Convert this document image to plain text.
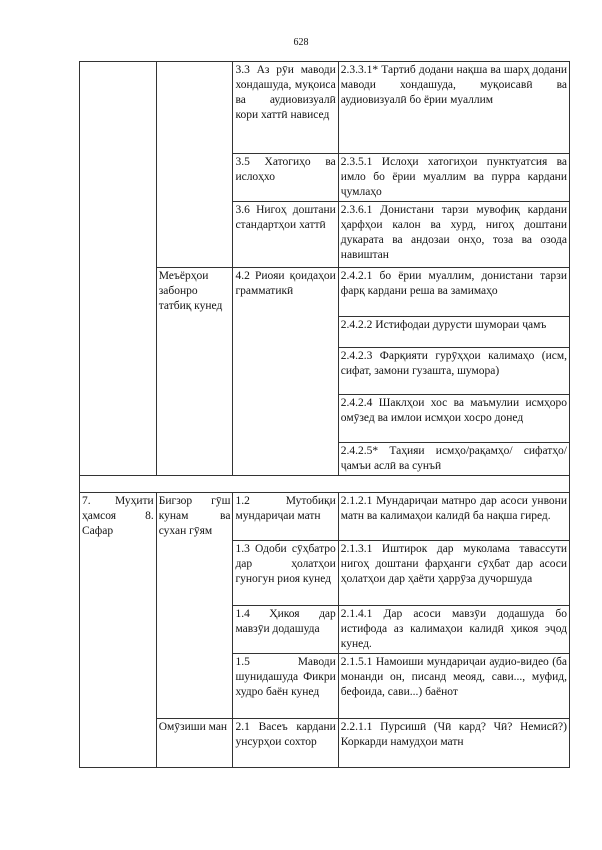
628
		3.3 Аз рӯи маводи хондашуда, муқоиса ва аудиовизуалӣ кори хаттӣ нависед	2.3.3.1* Тартиб додани нақша ва шарҳ додани маводи хондашуда, муқоисавӣ ва аудиовизуалӣ бо ёрии муаллим
		3.5 Хатогиҳо ва ислоҳхо	2.3.5.1 Ислоҳи хатогиҳои пунктуатсия ва имло бо ёрии муаллим ва пурра кардани ҷумлаҳо
		3.6 Нигоҳ доштани стандартҳои хаттӣ	2.3.6.1 Донистани тарзи мувофиқ кардани ҳарфҳои калон ва хурд, нигоҳ доштани дукарата ва андозаи онҳо, тоза ва озода навиштан
	Меъёрҳои забонро татбиқ кунед	4.2 Риояи қоидаҳои грамматикӣ	2.4.2.1 бо ёрии муаллим, донистани тарзи фарқ кардани реша ва замимаҳо
			2.4.2.2 Истифодаи дурусти шумораи ҷамъ
			2.4.2.3 Фарқияти гурӯҳҳои калимаҳо (исм, сифат, замони гузашта, шумора)
			2.4.2.4 Шаклҳои хос ва маъмулии исмҳоро омӯзед ва имлои исмҳои хосро донед
			2.4.2.5* Таҳияи исмҳо/рақамҳо/ сифатҳо/ҷамъи аслӣ ва сунъӣ

7. Муҳити ҳамсоя 8. Сафар	Бигзор гӯш кунам ва сухан гӯям	1.2 Мутобиқи мундариҷаи матн	2.1.2.1 Мундариҷаи матнро дар асоси унвони матн ва калимаҳои калидӣ ба нақша гиред.
		1.3 Одоби сӯҳбатро дар ҳолатҳои гуногун риоя кунед	2.1.3.1 Иштирок дар муколама тавассути нигоҳ доштани фарҳанги сӯҳбат дар асоси ҳолатҳои дар ҳаёти ҳаррӯза дучоршуда
		1.4 Ҳикоя дар мавзӯи додашуда	2.1.4.1 Дар асоси мавзӯи додашуда бо истифода аз калимаҳои калидӣ ҳикоя эҷод кунед.
		1.5 Маводи шунидашуда Фикри худро баён кунед	2.1.5.1 Намоиши мундариҷаи аудио-видео (ба монанди он, писанд меояд, сави..., муфид, бефоида, сави...) баёнот
	Омӯзиши ман	2.1 Васеъ кардани унсурҳои сохтор	2.2.1.1 Пурсишӣ (Чӣ кард? Чӣ? Немисӣ?) Коркарди намудҳои матн
